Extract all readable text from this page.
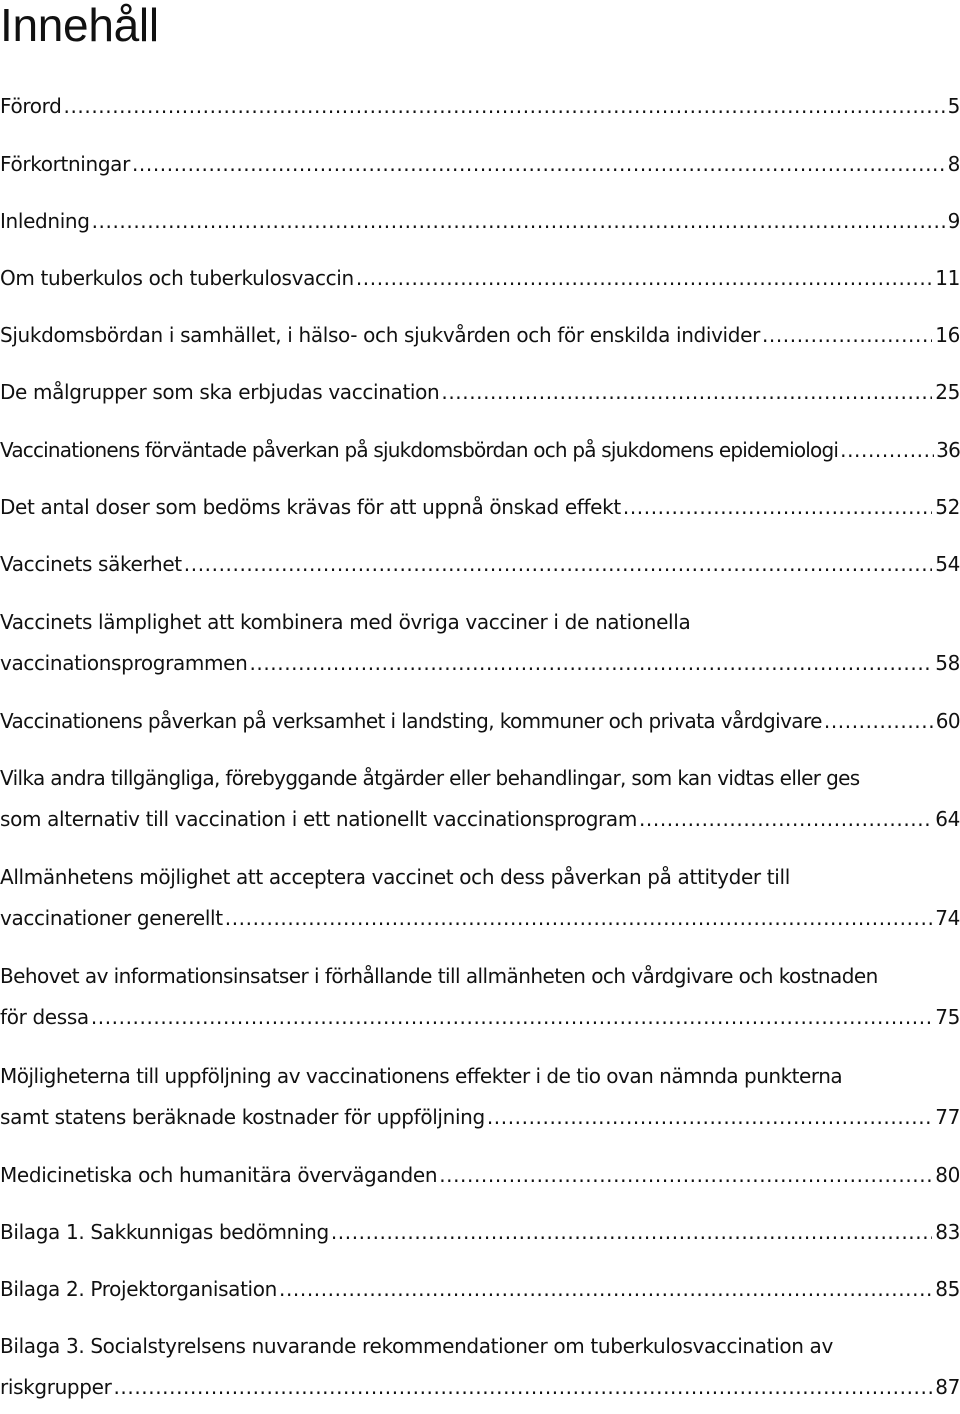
Innehåll
Förord .....	5
Förkortningar .....	8
Inledning .....	9
Om tuberkulos och tuberkulosvaccin .....	11
Sjukdomsbördan i samhället, i hälso- och sjukvården och för enskilda individer .....	16
De målgrupper som ska erbjudas vaccination .....	25
Vaccinationens förväntade påverkan på sjukdomsbördan och på sjukdomens epidemiologi .....	36
Det antal doser som bedöms krävas för att uppnå önskad effekt .....	52
Vaccinets säkerhet .....	54
Vaccinets lämplighet att kombinera med övriga vacciner i de nationella
vaccinationsprogrammen .....	58
Vaccinationens påverkan på verksamhet i landsting, kommuner och privata vårdgivare .....	60
Vilka andra tillgängliga, förebyggande åtgärder eller behandlingar, som kan vidtas eller ges
som alternativ till vaccination i ett nationellt vaccinationsprogram .....	64
Allmänhetens möjlighet att acceptera vaccinet och dess påverkan på attityder till
vaccinationer generellt .....	74
Behovet av informationsinsatser i förhållande till allmänheten och vårdgivare och kostnaden
för dessa .....	75
Möjligheterna till uppföljning av vaccinationens effekter i de tio ovan nämnda punkterna
samt statens beräknade kostnader för uppföljning .....	77
Medicinetiska och humanitära överväganden .....	80
Bilaga 1. Sakkunnigas bedömning .....	83
Bilaga 2. Projektorganisation .....	85
Bilaga 3. Socialstyrelsens nuvarande rekommendationer om tuberkulosvaccination av
riskgrupper .....	87
